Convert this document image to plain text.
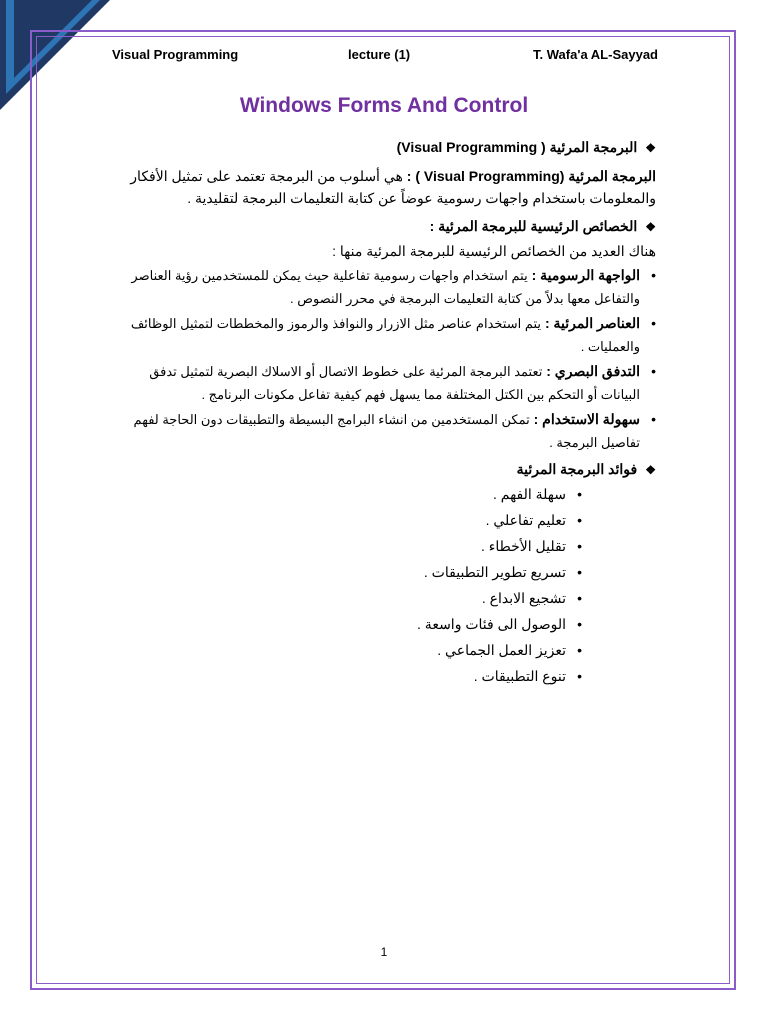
Visual Programming	lecture (1)	T. Wafa'a AL-Sayyad
Windows Forms And Control
❖البرمجة المرئية ( Visual Programming)
البرمجة المرئية (Visual Programming ) : هي أسلوب من البرمجة تعتمد على تمثيل الأفكار والمعلومات باستخدام واجهات رسومية عوضاً عن كتابة التعليمات البرمجة لتقليدية .
❖الخصائص الرئيسية للبرمجة المرئية :
هناك العديد من الخصائص الرئيسية للبرمجة المرئية منها :
•
الواجهة الرسومية : يتم استخدام واجهات رسومية تفاعلية حيث يمكن للمستخدمين رؤية العناصر والتفاعل معها بدلاً من كتابة التعليمات البرمجة في محرر النصوص .
•
العناصر المرئية : يتم استخدام عناصر مثل الازرار والنوافذ والرموز والمخططات لتمثيل الوظائف والعمليات .
•
التدفق البصري : تعتمد البرمجة المرئية على خطوط الاتصال أو الاسلاك البصرية لتمثيل تدفق البيانات أو التحكم بين الكتل المختلفة مما يسهل فهم كيفية تفاعل مكونات البرنامج .
•
سهولة الاستخدام : تمكن المستخدمين من انشاء البرامج البسيطة والتطبيقات دون الحاجة لفهم تفاصيل البرمجة .
❖فوائد البرمجة المرئية
•
سهلة الفهم .
•
تعليم تفاعلي .
•
تقليل الأخطاء .
•
تسريع تطوير التطبيقات .
•
تشجيع الابداع .
•
الوصول الى فئات واسعة .
•
تعزيز العمل الجماعي .
•
تنوع التطبيقات .
1
